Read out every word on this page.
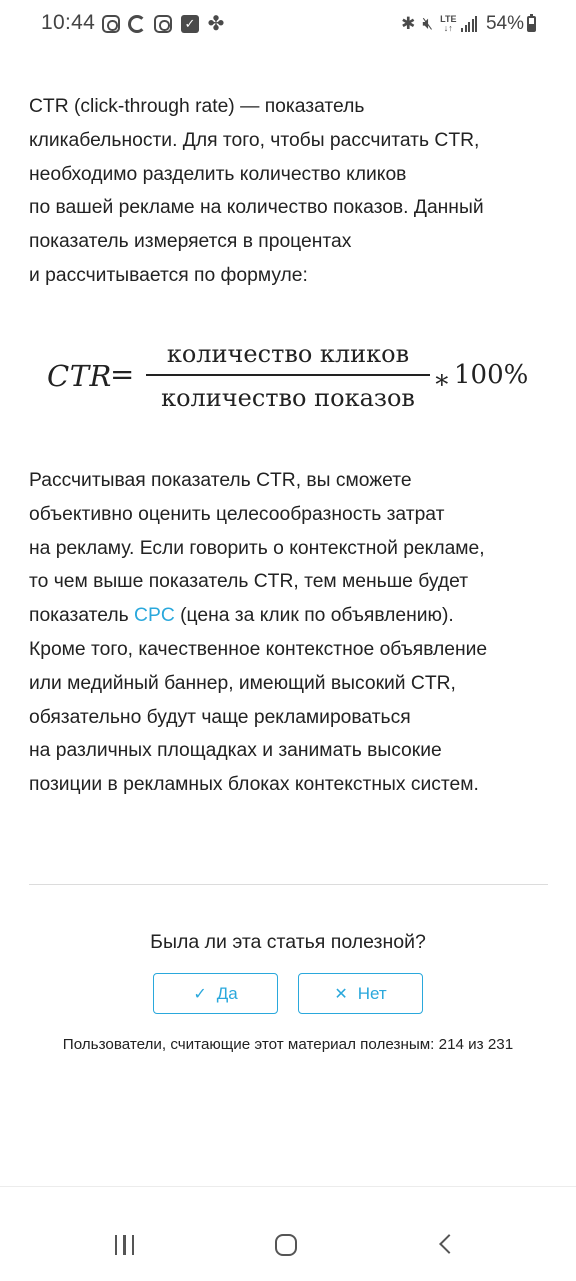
10:44	✓ ✤	✱ 🔇︎ LTE
↓↑ 54%

CTR (click-through rate) — показатель
кликабельности. Для того, чтобы рассчитать CTR,
необходимо разделить количество кликов
по вашей рекламе на количество показов. Данный
показатель измеряется в процентах
и рассчитывается по формуле:

CTR
=
количество кликов
количество показов
∗ 100%

Рассчитывая показатель CTR, вы сможете
объективно оценить целесообразность затрат
на рекламу. Если говорить о контекстной рекламе,
то чем выше показатель CTR, тем меньше будет
показатель CPC (цена за клик по объявлению).
Кроме того, качественное контекстное объявление
или медийный баннер, имеющий высокий CTR,
обязательно будут чаще рекламироваться
на различных площадках и занимать высокие
позиции в рекламных блоках контекстных систем.

Была ли эта статья полезной?
✓ Да	✕ Нет
Пользователи, считающие этот материал полезным: 214 из 231
